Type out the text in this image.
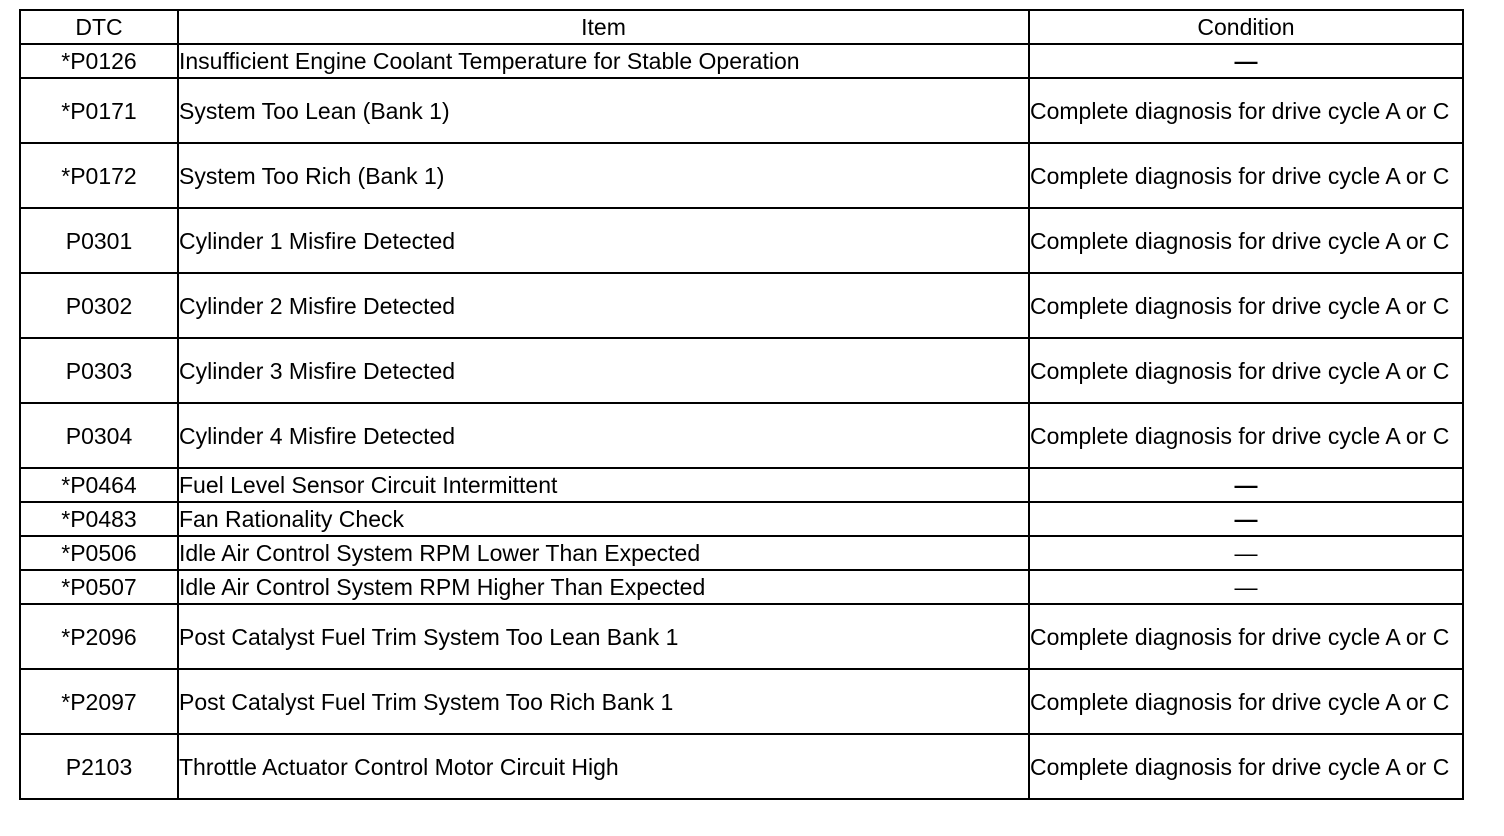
DTC	Item	Condition
*P0126	Insufficient Engine Coolant Temperature for Stable Operation	—
*P0171	System Too Lean (Bank 1)	Complete diagnosis for drive cycle A or C
*P0172	System Too Rich (Bank 1)	Complete diagnosis for drive cycle A or C
P0301	Cylinder 1 Misfire Detected	Complete diagnosis for drive cycle A or C
P0302	Cylinder 2 Misfire Detected	Complete diagnosis for drive cycle A or C
P0303	Cylinder 3 Misfire Detected	Complete diagnosis for drive cycle A or C
P0304	Cylinder 4 Misfire Detected	Complete diagnosis for drive cycle A or C
*P0464	Fuel Level Sensor Circuit Intermittent	—
*P0483	Fan Rationality Check	—
*P0506	Idle Air Control System RPM Lower Than Expected	—
*P0507	Idle Air Control System RPM Higher Than Expected	—
*P2096	Post Catalyst Fuel Trim System Too Lean Bank 1	Complete diagnosis for drive cycle A or C
*P2097	Post Catalyst Fuel Trim System Too Rich Bank 1	Complete diagnosis for drive cycle A or C
P2103	Throttle Actuator Control Motor Circuit High	Complete diagnosis for drive cycle A or C
